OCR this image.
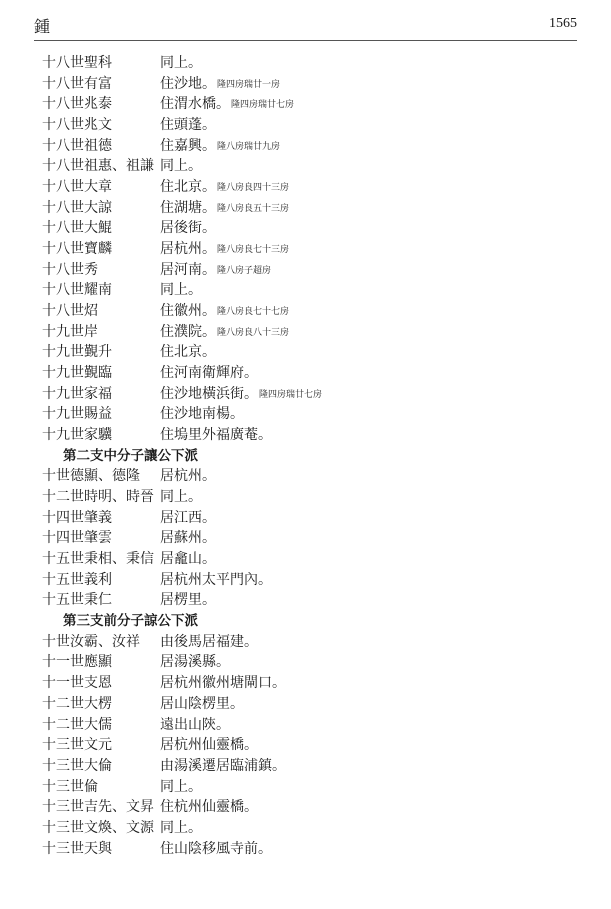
鍾	1565
十八世聖科	同上。
十八世有富	住沙地。隆四房瑞廿一房
十八世兆泰	住渭水橋。隆四房瑞廿七房
十八世兆文	住頭蓬。
十八世祖德	住嘉興。隆八房瑞廿九房
十八世祖惠、祖謙 同上。
十八世大章	住北京。隆八房良四十三房
十八世大諒	住湖塘。隆八房良五十三房
十八世大鯤	居後街。
十八世寶麟	居杭州。隆八房良七十三房
十八世秀	居河南。隆八房子超房
十八世耀南	同上。
十八世炤	住徽州。隆八房良七十七房
十九世岸	住濮院。隆八房良八十三房
十九世覲升	住北京。
十九世覲臨	住河南衛輝府。
十九世家福	住沙地橫浜街。隆四房瑞廿七房
十九世賜益	住沙地南楊。
十九世家驥	住塢里外福廣菴。
第二支中分子讓公下派
十世德顯、德隆 居杭州。
十二世時明、時晉 同上。
十四世肇義	居江西。
十四世肇雲	居蘇州。
十五世秉相、秉信 居龕山。
十五世義利	居杭州太平門內。
十五世秉仁	居楞里。
第三支前分子諒公下派
十世汝霸、汝祥 由後馬居福建。
十一世應顯	居湯溪縣。
十一世支恩	居杭州徽州塘閘口。
十二世大楞	居山陰楞里。
十二世大儒	遠出山陝。
十三世文元	居杭州仙靈橋。
十三世大倫	由湯溪遷居臨浦鎮。
十三世倫	同上。
十三世吉先、文昇 住杭州仙靈橋。
十三世文煥、文源 同上。
十三世天與	住山陰移風寺前。
